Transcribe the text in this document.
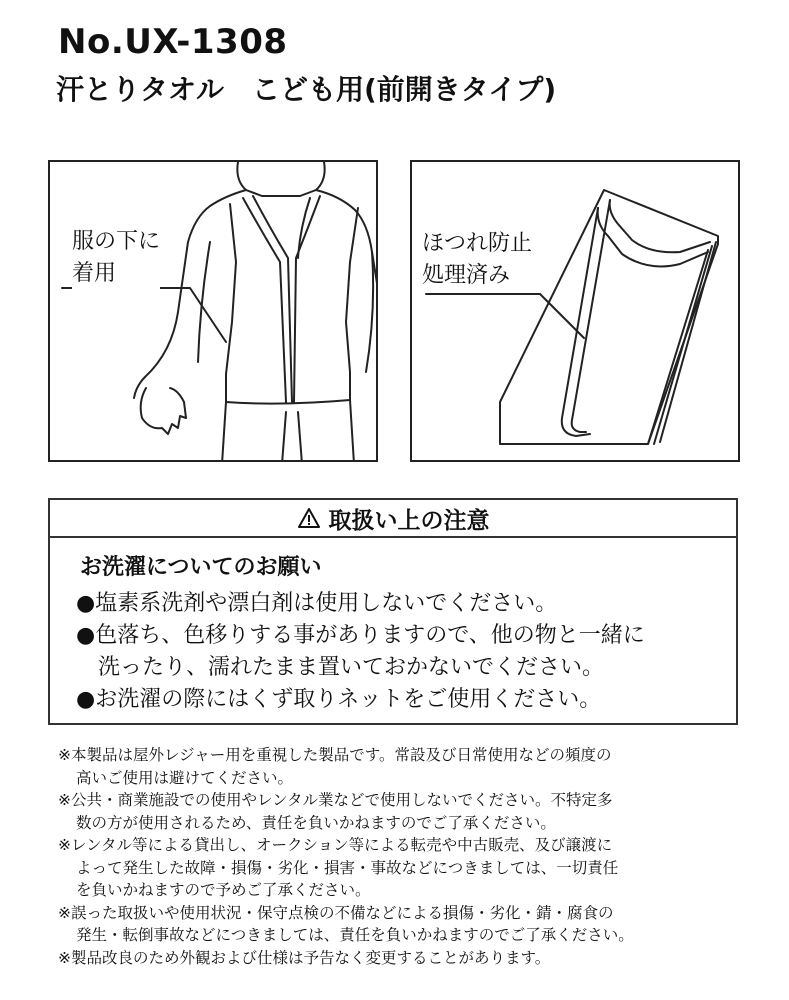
No.UX-1308
汗とりタオル　こども用(前開きタイプ)
服の下に
着用
ほつれ防止
処理済み
取扱い上の注意
お洗濯についてのお願い
●塩素系洗剤や漂白剤は使用しないでください。
●色落ち、色移りする事がありますので、他の物と一緒に
　洗ったり、濡れたまま置いておかないでください。
●お洗濯の際にはくず取りネットをご使用ください。
※本製品は屋外レジャー用を重視した製品です。常設及び日常使用などの頻度の
高いご使用は避けてください。
※公共・商業施設での使用やレンタル業などで使用しないでください。不特定多
数の方が使用されるため、責任を負いかねますのでご了承ください。
※レンタル等による貸出し、オークション等による転売や中古販売、及び譲渡に
よって発生した故障・損傷・劣化・損害・事故などにつきましては、一切責任
を負いかねますので予めご了承ください。
※誤った取扱いや使用状況・保守点検の不備などによる損傷・劣化・錆・腐食の
発生・転倒事故などにつきましては、責任を負いかねますのでご了承ください。
※製品改良のため外観および仕様は予告なく変更することがあります。
